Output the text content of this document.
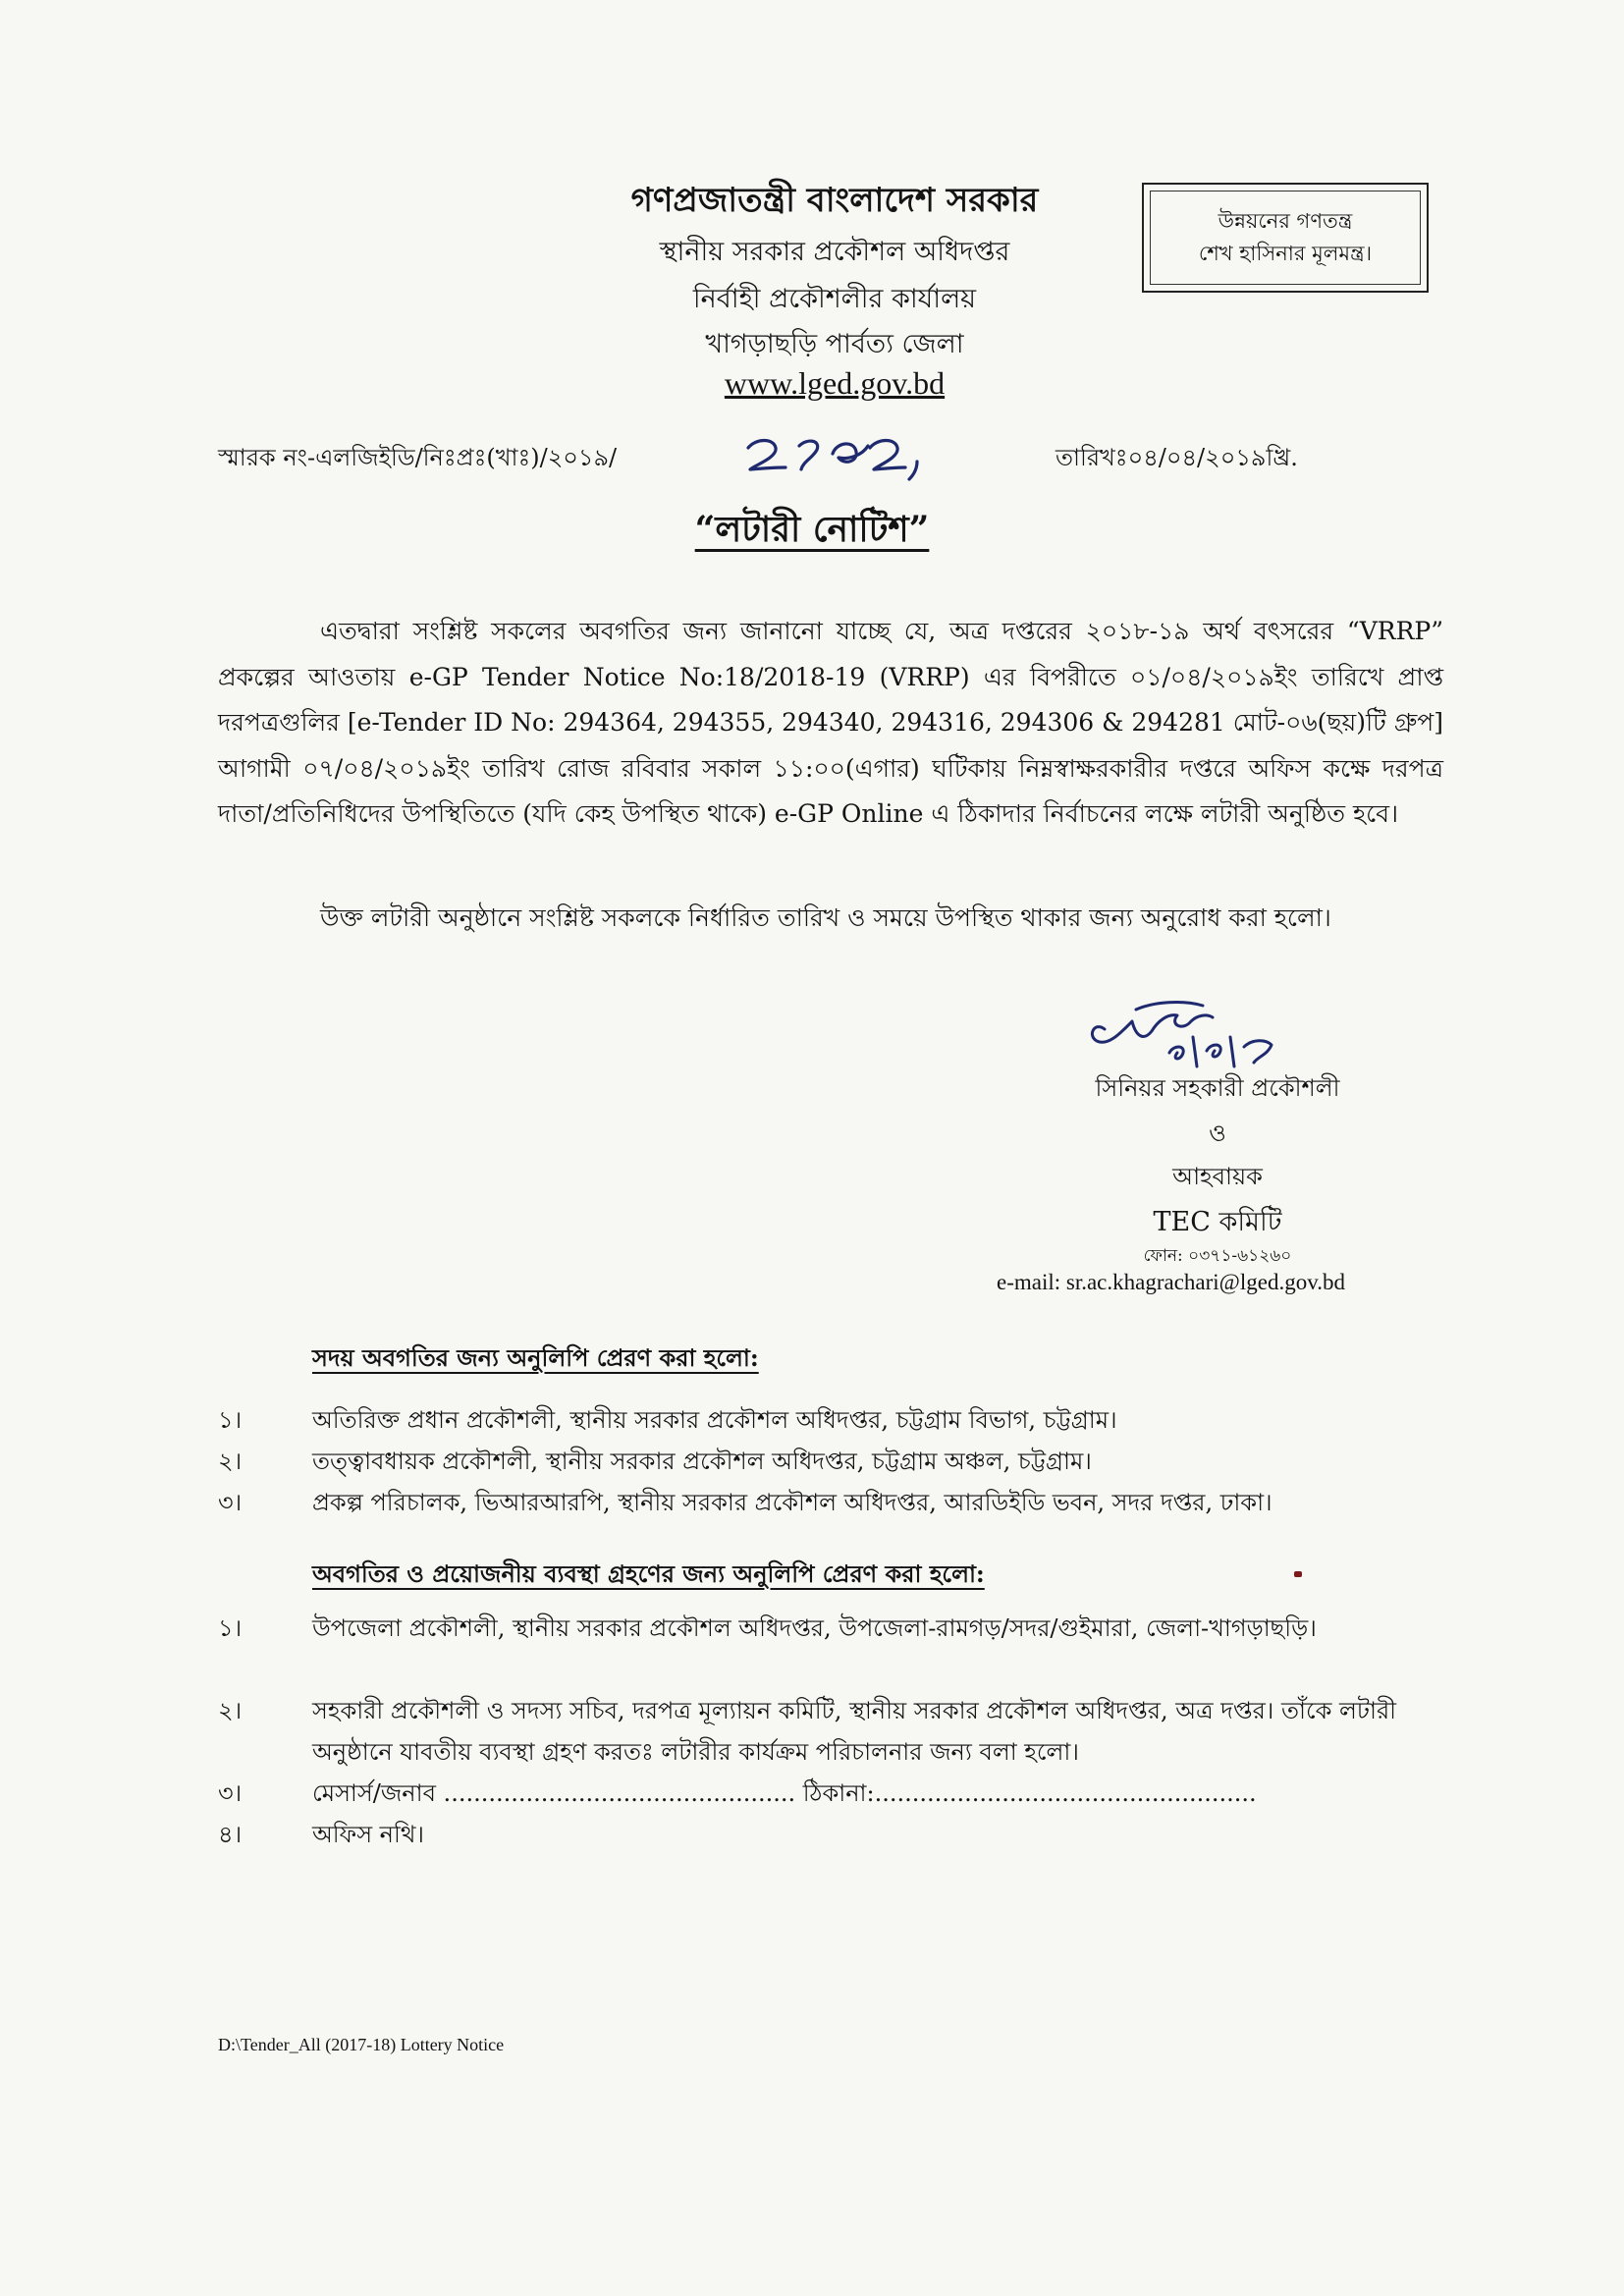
গণপ্রজাতন্ত্রী বাংলাদেশ সরকার
স্থানীয় সরকার প্রকৌশল অধিদপ্তর
নির্বাহী প্রকৌশলীর কার্যালয়
খাগড়াছড়ি পার্বত্য জেলা
www.lged.gov.bd
উন্নয়নের গণতন্ত্র
শেখ হাসিনার মূলমন্ত্র।
স্মারক নং-এলজিইডি/নিঃপ্রঃ(খাঃ)/২০১৯/	তারিখঃ০৪/০৪/২০১৯খ্রি.
“লটারী নোটিশ”

এতদ্বারা সংশ্লিষ্ট সকলের অবগতির জন্য জানানো যাচ্ছে যে, অত্র দপ্তরের ২০১৮-১৯ অর্থ বৎসরের “VRRP” প্রকল্পের আওতায় e-GP Tender Notice No:18/2018-19 (VRRP) এর বিপরীতে ০১/০৪/২০১৯ইং তারিখে প্রাপ্ত দরপত্রগুলির [e-Tender ID No: 294364, 294355, 294340, 294316, 294306 & 294281 মোট-০৬(ছয়)টি গ্রুপ] আগামী ০৭/০৪/২০১৯ইং তারিখ রোজ রবিবার সকাল ১১:০০(এগার) ঘটিকায় নিম্নস্বাক্ষরকারীর দপ্তরে অফিস কক্ষে দরপত্র দাতা/প্রতিনিধিদের উপস্থিতিতে (যদি কেহ উপস্থিত থাকে) e-GP Online এ ঠিকাদার নির্বাচনের লক্ষে লটারী অনুষ্ঠিত হবে।

উক্ত লটারী অনুষ্ঠানে সংশ্লিষ্ট সকলকে নির্ধারিত তারিখ ও সময়ে উপস্থিত থাকার জন্য অনুরোধ করা হলো।

সিনিয়র সহকারী প্রকৌশলী
ও
আহবায়ক
TEC কমিটি
ফোন: ০৩৭১-৬১২৬০
e-mail: sr.ac.khagrachari@lged.gov.bd
সদয় অবগতির জন্য অনুলিপি প্রেরণ করা হলো:
১।	অতিরিক্ত প্রধান প্রকৌশলী, স্থানীয় সরকার প্রকৌশল অধিদপ্তর, চট্টগ্রাম বিভাগ, চট্টগ্রাম।
২।	তত্ত্বাবধায়ক প্রকৌশলী, স্থানীয় সরকার প্রকৌশল অধিদপ্তর, চট্টগ্রাম অঞ্চল, চট্টগ্রাম।
৩।	প্রকল্প পরিচালক, ভিআরআরপি, স্থানীয় সরকার প্রকৌশল অধিদপ্তর, আরডিইডি ভবন, সদর দপ্তর, ঢাকা।
অবগতির ও প্রয়োজনীয় ব্যবস্থা গ্রহণের জন্য অনুলিপি প্রেরণ করা হলো:
১।	উপজেলা প্রকৌশলী, স্থানীয় সরকার প্রকৌশল অধিদপ্তর, উপজেলা-রামগড়/সদর/গুইমারা, জেলা-খাগড়াছড়ি।
২।	সহকারী প্রকৌশলী ও সদস্য সচিব, দরপত্র মূল্যায়ন কমিটি, স্থানীয় সরকার প্রকৌশল অধিদপ্তর, অত্র দপ্তর। তাঁকে লটারী অনুষ্ঠানে যাবতীয় ব্যবস্থা গ্রহণ করতঃ লটারীর কার্যক্রম পরিচালনার জন্য বলা হলো।
৩।	মেসার্স/জনাব ............................................... ঠিকানা:...................................................
৪।	অফিস নথি।
D:\Tender_All (2017-18) Lottery Notice
